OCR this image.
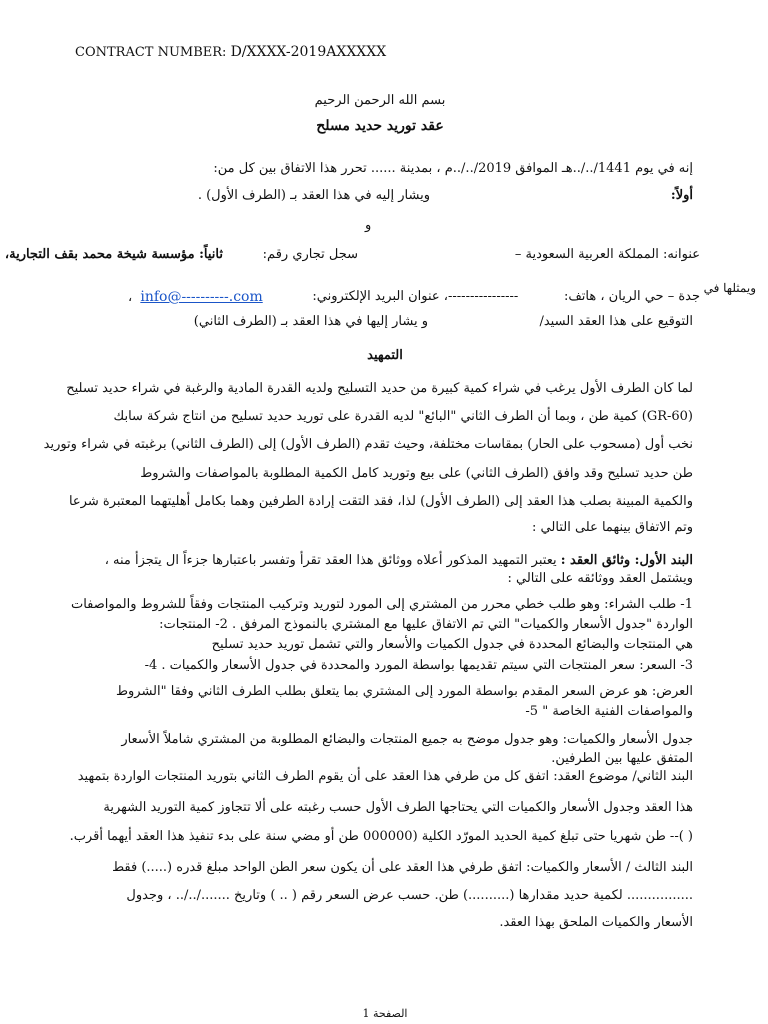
CONTRACT NUMBER: D/XXXX-2019AXXXXX
بسم الله الرحمن الرحيم
عقد توريد حديد مسلح
إنه في يوم ‎1441‎/../..هـ الموافق ‎2019‎/../..م ، بمدينة ...... تحرر هذا الاتفاق بين كل من:
أولاً:
ويشار إليه في هذا العقد بـ (الطرف الأول) .
و
عنوانه: المملكة العربية السعودية –
سجل تجاري رقم:
ثانياً: مؤسسة شيخة محمد بقف التجارية،
ويمثلها في
، info@----------.com	، عنوان البريد الإلكتروني: ----------------	جدة – حي الريان ، هاتف:
التوقيع على هذا العقد السيد/
و يشار إليها في هذا العقد بـ (الطرف الثاني)
التمهيد
لما كان الطرف الأول يرغب في شراء كمية كبيرة من حديد التسليح ولديه القدرة المادية والرغبة في شراء حديد تسليح
(GR-60) كمية طن ، وبما أن الطرف الثاني "البائع" لديه القدرة على توريد حديد تسليح من انتاج شركة سابك
نخب أول (مسحوب على الحار) بمقاسات مختلفة، وحيث تقدم (الطرف الأول) إلى (الطرف الثاني) برغبته في شراء وتوريد
طن حديد تسليح وقد وافق (الطرف الثاني) على بيع وتوريد كامل الكمية المطلوبة بالمواصفات والشروط
والكمية المبينة بصلب هذا العقد إلى (الطرف الأول) لذا، فقد التقت إرادة الطرفين وهما بكامل أهليتهما المعتبرة شرعا
وتم الاتفاق بينهما على التالي :
البند الأول: وثائق العقد : يعتبر التمهيد المذكور أعلاه ووثائق هذا العقد تقرأ وتفسر باعتبارها جزءاً ال يتجزأ منه ،
ويشتمل العقد ووثائقه على التالي :
1- طلب الشراء: وهو طلب خطي محرر من المشتري إلى المورد لتوريد وتركيب المنتجات وفقاً للشروط والمواصفات
الواردة "جدول الأسعار والكميات" التي تم الاتفاق عليها مع المشتري بالنموذج المرفق . 2- المنتجات:
هي المنتجات والبضائع المحددة في جدول الكميات والأسعار والتي تشمل توريد حديد تسليح
3- السعر: سعر المنتجات التي سيتم تقديمها بواسطة المورد والمحددة في جدول الأسعار والكميات . 4-
العرض: هو عرض السعر المقدم بواسطة المورد إلى المشتري بما يتعلق بطلب الطرف الثاني وفقا "الشروط
والمواصفات الفنية الخاصة " 5-
جدول الأسعار والكميات: وهو جدول موضح به جميع المنتجات والبضائع المطلوبة من المشتري شاملاً الأسعار
المتفق عليها بين الطرفين.
البند الثاني/ موضوع العقد: اتفق كل من طرفي هذا العقد على أن يقوم الطرف الثاني بتوريد المنتجات الواردة بتمهيد
هذا العقد وجدول الأسعار والكميات التي يحتاجها الطرف الأول حسب رغبته على ألا تتجاوز كمية التوريد الشهرية
( )-- طن شهريا حتى تبلغ كمية الحديد المورّد الكلية (000000 طن أو مضي سنة على بدء تنفيذ هذا العقد أيهما أقرب.
البند الثالث / الأسعار والكميات: اتفق طرفي هذا العقد على أن يكون سعر الطن الواحد مبلغ قدره (.....) فقط
................ لكمية حديد مقدارها (..........) طن. حسب عرض السعر رقم ( .. ) وتاريخ ......./../.. ، وجدول
الأسعار والكميات الملحق بهذا العقد.
الصفحة 1
